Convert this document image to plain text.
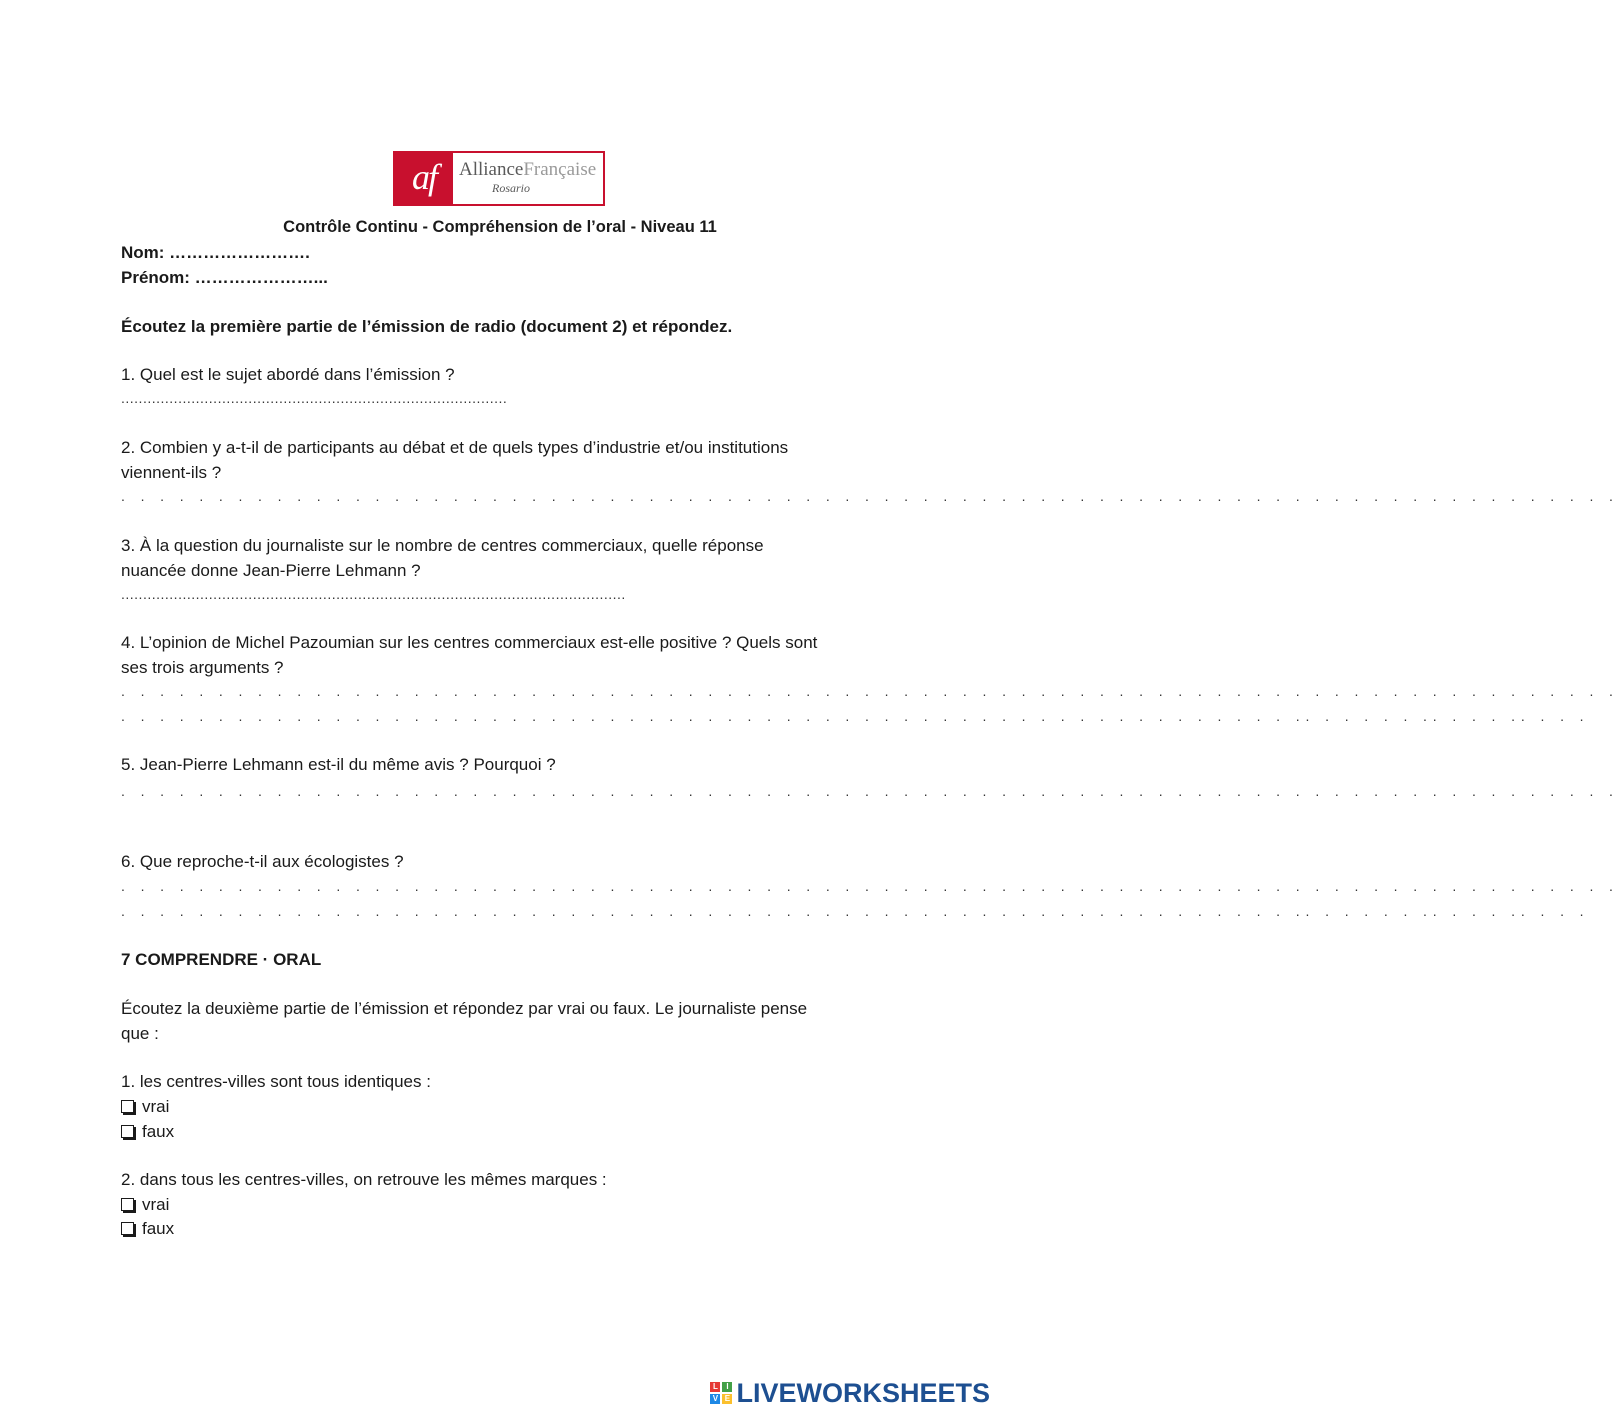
af	AllianceFrançaise
Rosario
Contrôle Continu - Compréhension de l’oral - Niveau 11
Nom: …………………….
Prénom: …………………...
Écoutez la première partie de l’émission de radio (document 2) et répondez.
1. Quel est le sujet abordé dans l’émission ?
........................................................................................
2. Combien y a-t-il de participants au débat et de quels types d’industrie et/ou institutions
viennent-ils ?
. . . . . . . . . . . . . . . . . . . . . . . . . . . . . . . . . . . . . . . . . . . . . . . . . . . . . . . . . . . . . . . . . . . . . . . . . . . . .
3. À la question du journaliste sur le nombre de centres commerciaux, quelle réponse
nuancée donne Jean-Pierre Lehmann ?
...................................................................................................................
4. L’opinion de Michel Pazoumian sur les centres commerciaux est-elle positive ? Quels sont
ses trois arguments ?
. . . . . . . . . . . . . . . . . . . . . . . . . . . . . . . . . . . . . . . . . . . . . . . . . . . . . . . . . . . . . . . . . . . . . . . . . . . . .
. . . . . . . . . . . . . . . . . . . . . . . . . . . . . . . . . . . . . . . . . . . . . . . . . . . . . . . . . . . . .. . . . . . .. . . . .. . . .
5. Jean-Pierre Lehmann est-il du même avis ? Pourquoi ?
. . . . . . . . . . . . . . . . . . . . . . . . . . . . . . . . . . . . . . . . . . . . . . . . . . . . . . . . . . . . . . . . . . . . . . . . . . . . .
6. Que reproche-t-il aux écologistes ?
. . . . . . . . . . . . . . . . . . . . . . . . . . . . . . . . . . . . . . . . . . . . . . . . . . . . . . . . . . . . . . . . . . . . . . . . . . . . .
. . . . . . . . . . . . . . . . . . . . . . . . . . . . . . . . . . . . . . . . . . . . . . . . . . . . . . . . . . . . .. . . . . . .. . . . .. . . .
7 COMPRENDRE · ORAL
Écoutez la deuxième partie de l’émission et répondez par vrai ou faux. Le journaliste pense
que :
1. les centres-villes sont tous identiques :
vrai
faux
2. dans tous les centres-villes, on retrouve les mêmes marques :
vrai
faux
L	I
V E LIVEWORKSHEETS
